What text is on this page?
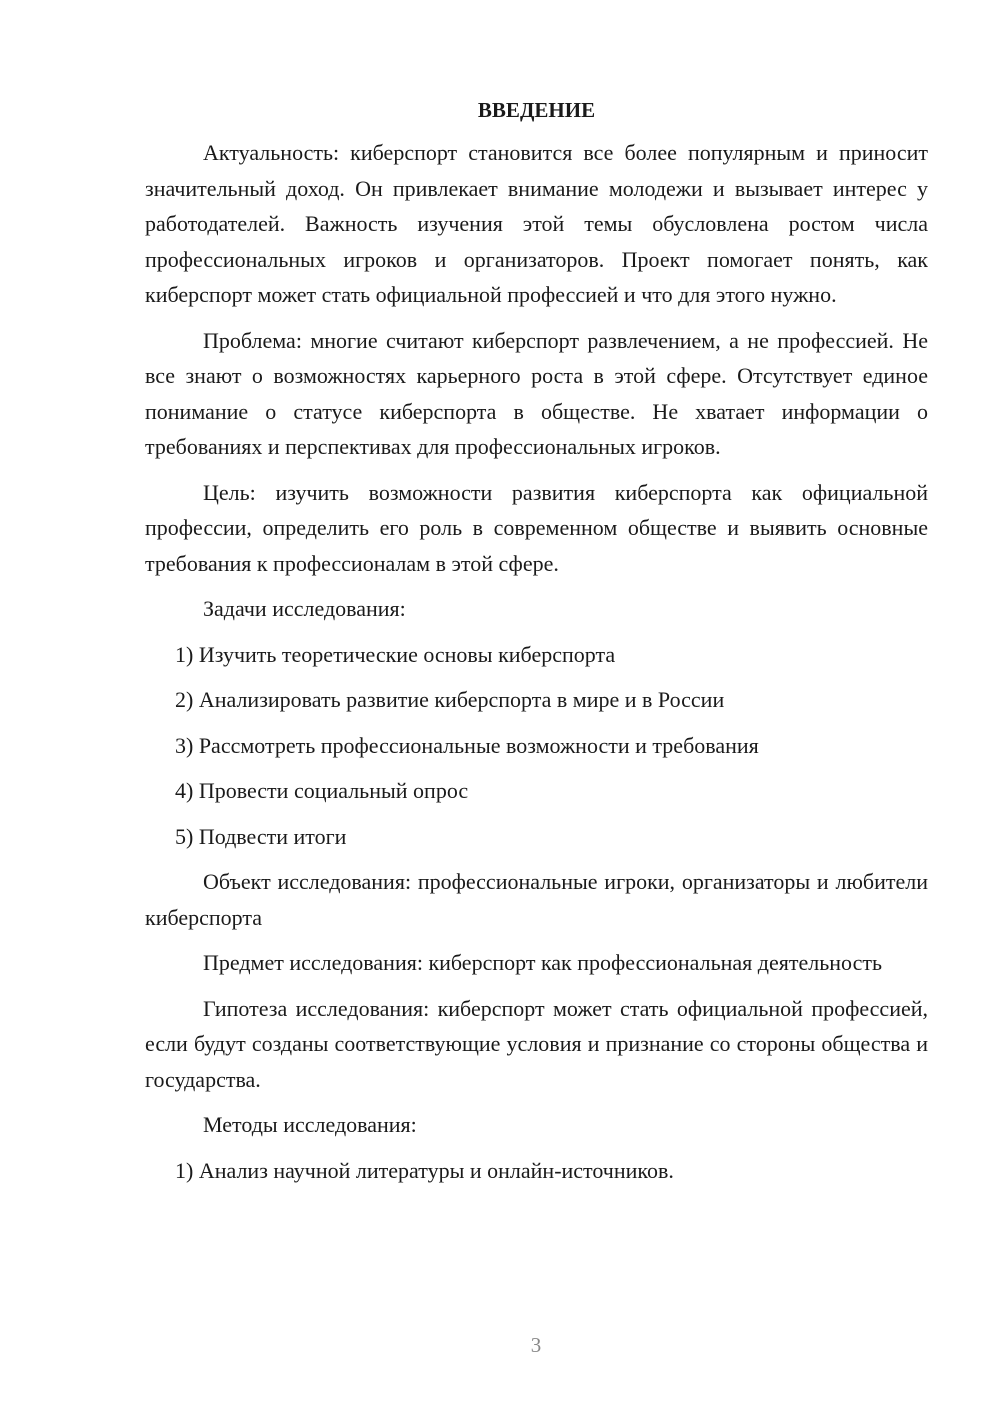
ВВЕДЕНИЕ

Актуальность: киберспорт становится все более популярным и приносит значительный доход. Он привлекает внимание молодежи и вызывает интерес у работодателей. Важность изучения этой темы обусловлена ростом числа профессиональных игроков и организаторов. Проект помогает понять, как киберспорт может стать официальной профессией и что для этого нужно.

Проблема: многие считают киберспорт развлечением, а не профессией. Не все знают о возможностях карьерного роста в этой сфере. Отсутствует единое понимание о статусе киберспорта в обществе. Не хватает информации о требованиях и перспективах для профессиональных игроков.

Цель: изучить возможности развития киберспорта как официальной профессии, определить его роль в современном обществе и выявить основные требования к профессионалам в этой сфере.

Задачи исследования:

1) Изучить теоретические основы киберспорта
2) Анализировать развитие киберспорта в мире и в России
3) Рассмотреть профессиональные возможности и требования
4) Провести социальный опрос
5) Подвести итоги

Объект исследования: профессиональные игроки, организаторы и любители киберспорта

Предмет исследования: киберспорт как профессиональная деятельность

Гипотеза исследования: киберспорт может стать официальной профессией, если будут созданы соответствующие условия и признание со стороны общества и государства.

Методы исследования:

1) Анализ научной литературы и онлайн-источников.
3
